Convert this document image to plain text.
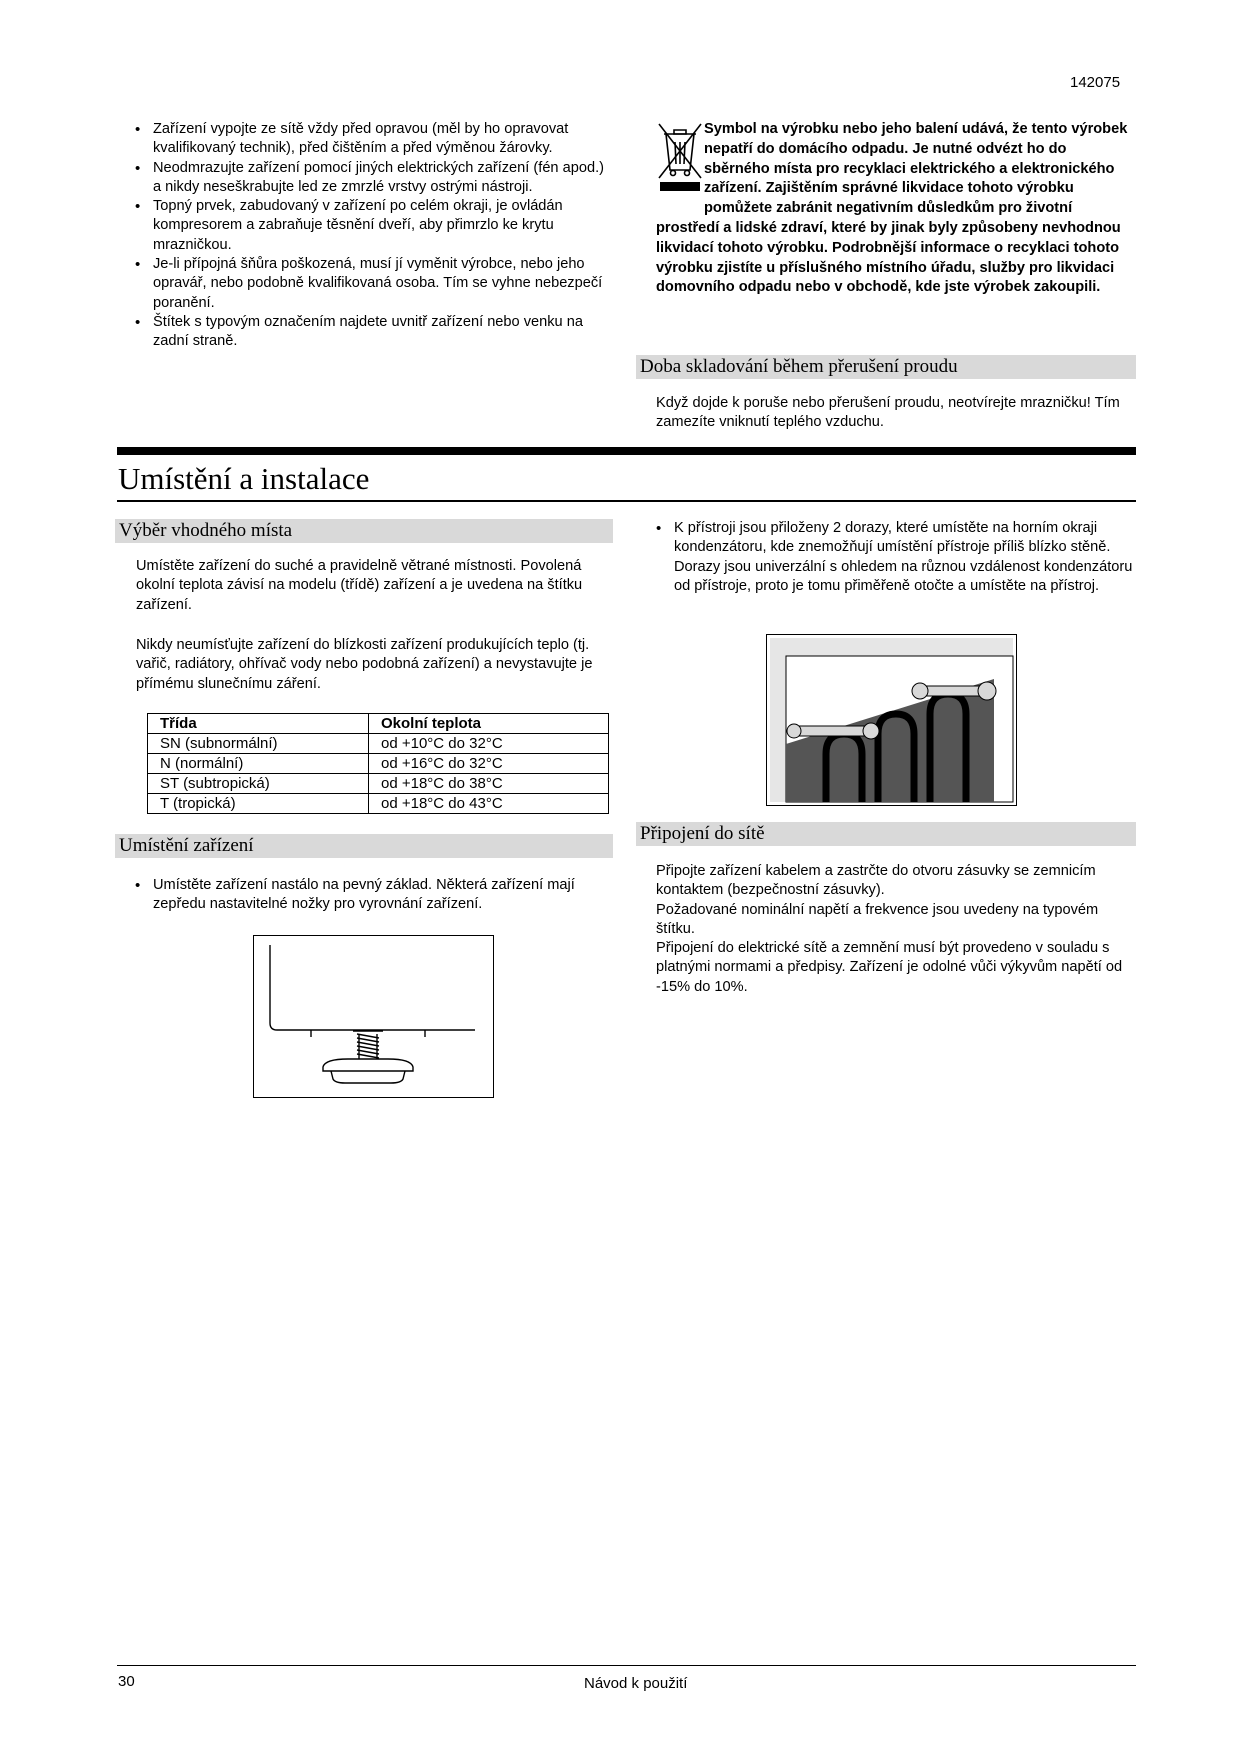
142075
• Zařízení vypojte ze sítě vždy před opravou (měl by ho opravovat kvalifikovaný technik), před čištěním a před výměnou žárovky.
• Neodmrazujte zařízení pomocí jiných elektrických zařízení (fén apod.) a nikdy neseškrabujte led ze zmrzlé vrstvy ostrými nástroji.
• Topný prvek, zabudovaný v zařízení po celém okraji, je ovládán kompresorem a zabraňuje těsnění dveří, aby přimrzlo ke krytu mrazničkou.
• Je-li přípojná šňůra poškozená, musí jí vyměnit výrobce, nebo jeho opravář, nebo podobně kvalifikovaná osoba. Tím se vyhne nebezpečí poranění.
• Štítek s typovým označením najdete uvnitř zařízení nebo venku na zadní straně.
Symbol na výrobku nebo jeho balení udává, že tento výrobek nepatří do domácího odpadu. Je nutné odvézt ho do sběrného místa pro recyklaci elektrického a elektronického zařízení. Zajištěním správné likvidace tohoto výrobku pomůžete zabránit negativním důsledkům pro životní prostředí a lidské zdraví, které by jinak byly způsobeny nevhodnou likvidací tohoto výrobku. Podrobnější informace o recyklaci tohoto výrobku zjistíte u příslušného místního úřadu, služby pro likvidaci domovního odpadu nebo v obchodě, kde jste výrobek zakoupili.
Doba skladování během přerušení proudu
Když dojde k poruše nebo přerušení proudu, neotvírejte mrazničku! Tím zamezíte vniknutí teplého vzduchu.
Umístění a instalace
Výběr vhodného místa
Umístěte zařízení do suché a pravidelně větrané místnosti. Povolená okolní teplota závisí na modelu (třídě) zařízení a je uvedena na štítku zařízení.
Nikdy neumísťujte zařízení do blízkosti zařízení produkujících teplo (tj. vařič, radiátory, ohřívač vody nebo podobná zařízení) a nevystavujte je přímému slunečnímu záření.
Třída	Okolní teplota
SN (subnormální)	od +10°C do 32°C
N (normální)	od +16°C do 32°C
ST (subtropická)	od +18°C do 38°C
T (tropická)	od +18°C do 43°C
Umístění zařízení
• Umístěte zařízení nastálo na pevný základ. Některá zařízení mají zepředu nastavitelné nožky pro vyrovnání zařízení.
• K přístroji jsou přiloženy 2 dorazy, které umístěte na horním okraji kondenzátoru, kde znemožňují umístění přístroje příliš blízko stěně. Dorazy jsou univerzální s ohledem na různou vzdálenost kondenzátoru od přístroje, proto je tomu přiměřeně otočte a umístěte na přístroj.
Připojení do sítě
Připojte zařízení kabelem a zastrčte do otvoru zásuvky se zemnicím kontaktem (bezpečnostní zásuvky).
Požadované nominální napětí a frekvence jsou uvedeny na typovém štítku.
Připojení do elektrické sítě a zemnění musí být provedeno v souladu s platnými normami a předpisy. Zařízení je odolné vůči výkyvům napětí od -15% do 10%.
30	Návod k použití
